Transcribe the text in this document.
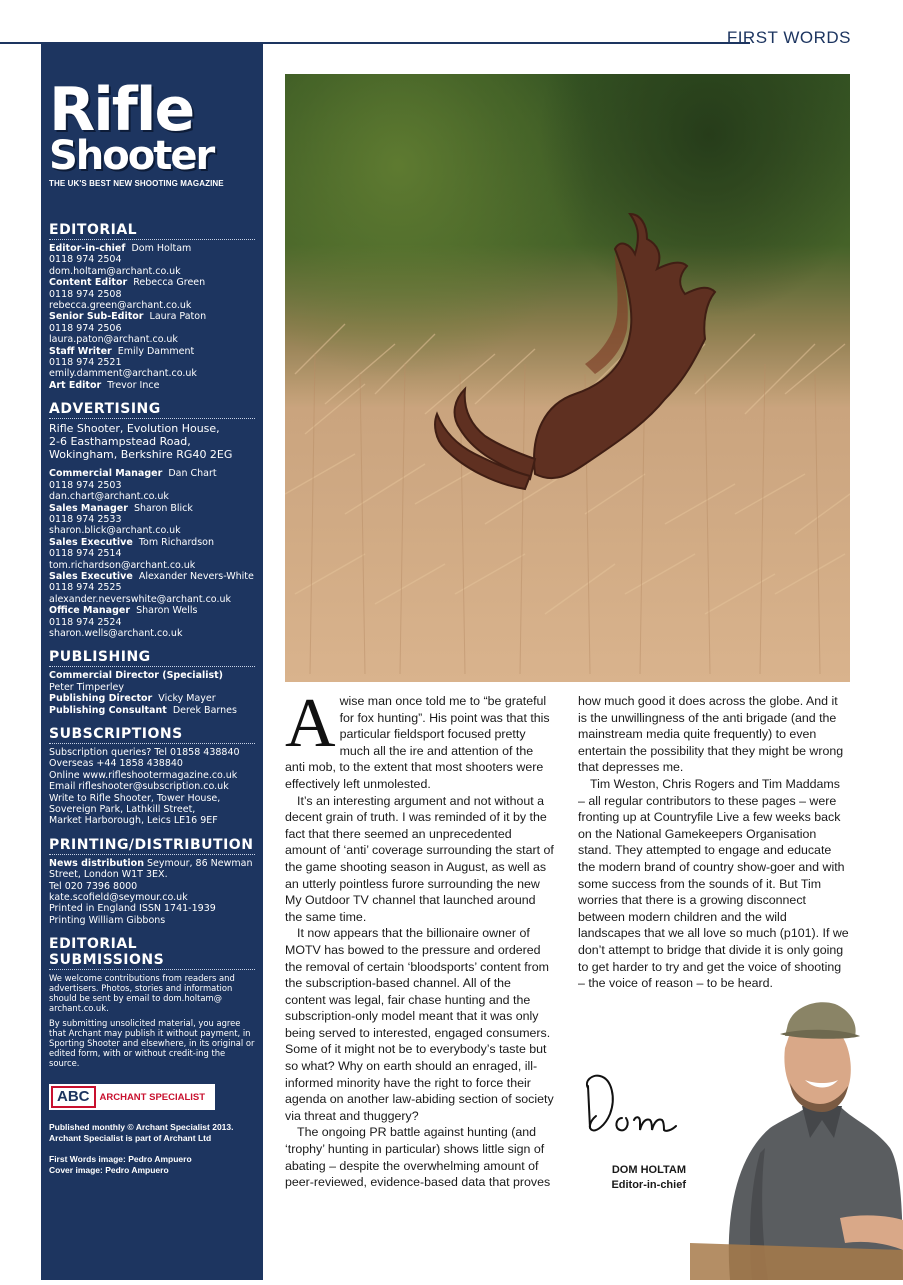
FIRST WORDS
Rifle
Shooter
THE UK'S BEST NEW SHOOTING MAGAZINE
EDITORIAL
Editor-in-chief Dom Holtam
0118 974 2504
dom.holtam@archant.co.uk
Content Editor Rebecca Green
0118 974 2508
rebecca.green@archant.co.uk
Senior Sub-Editor Laura Paton
0118 974 2506
laura.paton@archant.co.uk
Staff Writer Emily Damment
0118 974 2521
emily.damment@archant.co.uk
Art Editor Trevor Ince
ADVERTISING
Rifle Shooter, Evolution House,
2-6 Easthampstead Road,
Wokingham, Berkshire RG40 2EG
Commercial Manager Dan Chart
0118 974 2503
dan.chart@archant.co.uk
Sales Manager Sharon Blick
0118 974 2533
sharon.blick@archant.co.uk
Sales Executive Tom Richardson
0118 974 2514
tom.richardson@archant.co.uk
Sales Executive Alexander Nevers-White
0118 974 2525
alexander.neverswhite@archant.co.uk
Office Manager Sharon Wells
0118 974 2524
sharon.wells@archant.co.uk
PUBLISHING
Commercial Director (Specialist)
Peter Timperley
Publishing Director Vicky Mayer
Publishing Consultant Derek Barnes
SUBSCRIPTIONS
Subscription queries? Tel 01858 438840
Overseas +44 1858 438840
Online www.rifleshootermagazine.co.uk
Email rifleshooter@subscription.co.uk
Write to Rifle Shooter, Tower House,
Sovereign Park, Lathkill Street,
Market Harborough, Leics LE16 9EF
PRINTING/DISTRIBUTION
News distribution Seymour, 86 Newman
Street, London W1T 3EX.
Tel 020 7396 8000
kate.scofield@seymour.co.uk
Printed in England ISSN 1741-1939
Printing William Gibbons
EDITORIAL SUBMISSIONS
We welcome contributions from readers and advertisers. Photos, stories and information should be sent by email to dom.holtam@ archant.co.uk.
By submitting unsolicited material, you agree that Archant may publish it without payment, in Sporting Shooter and elsewhere, in its original or edited form, with or without credit-ing the source.
ABC	ARCHANT SPECIALIST
Published monthly © Archant Specialist 2013.
Archant Specialist is part of Archant Ltd
First Words image: Pedro Ampuero
Cover image: Pedro Ampuero

Awise man once told me to “be grateful for fox hunting”. His point was that this particular fieldsport focused pretty much all the ire and attention of the anti mob, to the extent that most shooters were effectively left unmolested.

It’s an interesting argument and not without a decent grain of truth. I was reminded of it by the fact that there seemed an unprecedented amount of ‘anti’ coverage surrounding the start of the game shooting season in August, as well as an utterly pointless furore surrounding the new My Outdoor TV channel that launched around the same time.

It now appears that the billionaire owner of MOTV has bowed to the pressure and ordered the removal of certain ‘bloodsports’ content from the subscription-based channel. All of the content was legal, fair chase hunting and the subscription-only model meant that it was only being served to interested, engaged consumers. Some of it might not be to everybody’s taste but so what? Why on earth should an enraged, ill-informed minority have the right to force their agenda on another law-abiding section of society via threat and thuggery?

The ongoing PR battle against hunting (and ‘trophy’ hunting in particular) shows little sign of abating – despite the overwhelming amount of peer-reviewed, evidence-based data that proves

how much good it does across the globe. And it is the unwillingness of the anti brigade (and the mainstream media quite frequently) to even entertain the possibility that they might be wrong that depresses me.

Tim Weston, Chris Rogers and Tim Maddams – all regular contributors to these pages – were fronting up at Countryfile Live a few weeks back on the National Gamekeepers Organisation stand. They attempted to engage and educate the modern brand of country show-goer and with some success from the sounds of it. But Tim worries that there is a growing disconnect between modern children and the wild landscapes that we all love so much (p101). If we don’t attempt to bridge that divide it is only going to get harder to try and get the voice of shooting – the voice of reason – to be heard.

DOM HOLTAM
Editor-in-chief
